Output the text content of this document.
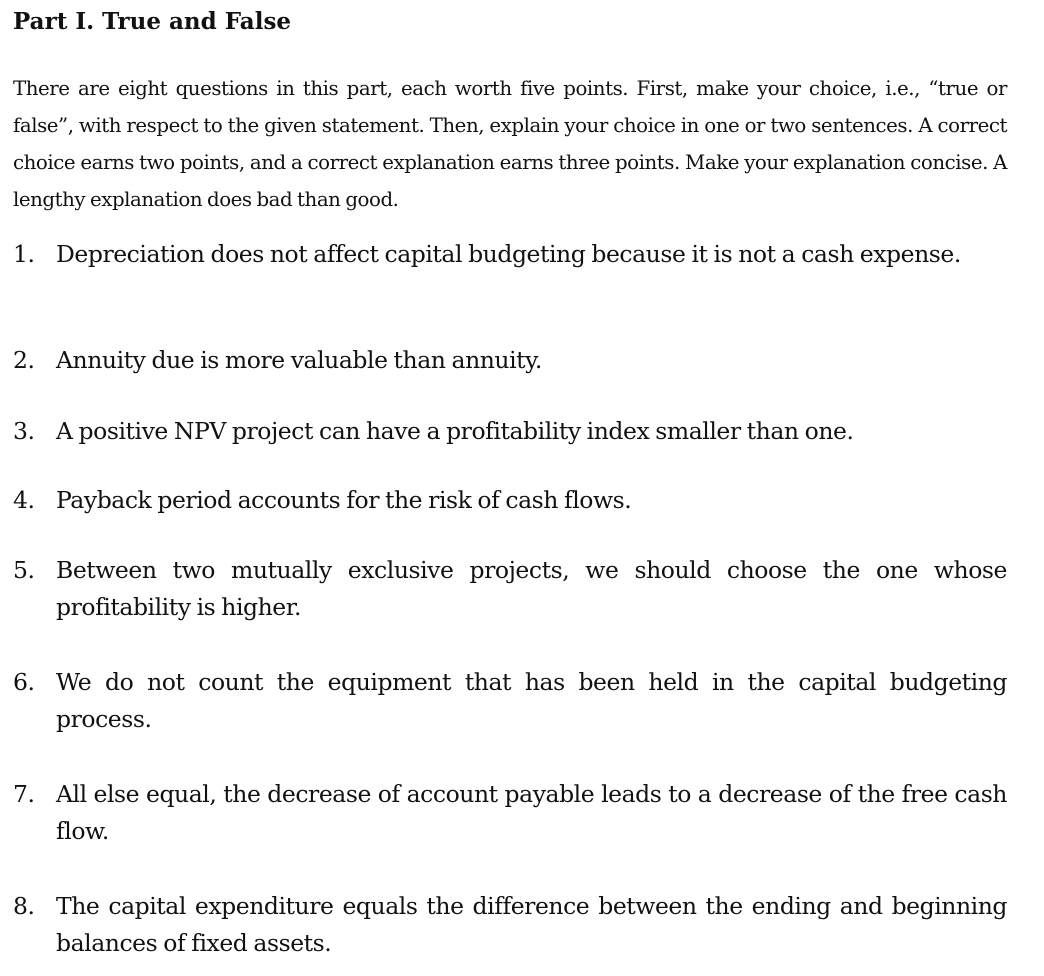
Part I. True and False

There are eight questions in this part, each worth five points. First, make your choice, i.e., “true or false”, with respect to the given statement. Then, explain your choice in one or two sentences. A correct choice earns two points, and a correct explanation earns three points. Make your explanation concise. A lengthy explanation does bad than good.

1. Depreciation does not affect capital budgeting because it is not a cash expense.
2. Annuity due is more valuable than annuity.
3. A positive NPV project can have a profitability index smaller than one.
4. Payback period accounts for the risk of cash flows.
5. Between two mutually exclusive projects, we should choose the one whose profitability is higher.
6. We do not count the equipment that has been held in the capital budgeting process.
7. All else equal, the decrease of account payable leads to a decrease of the free cash flow.
8. The capital expenditure equals the difference between the ending and beginning balances of fixed assets.
